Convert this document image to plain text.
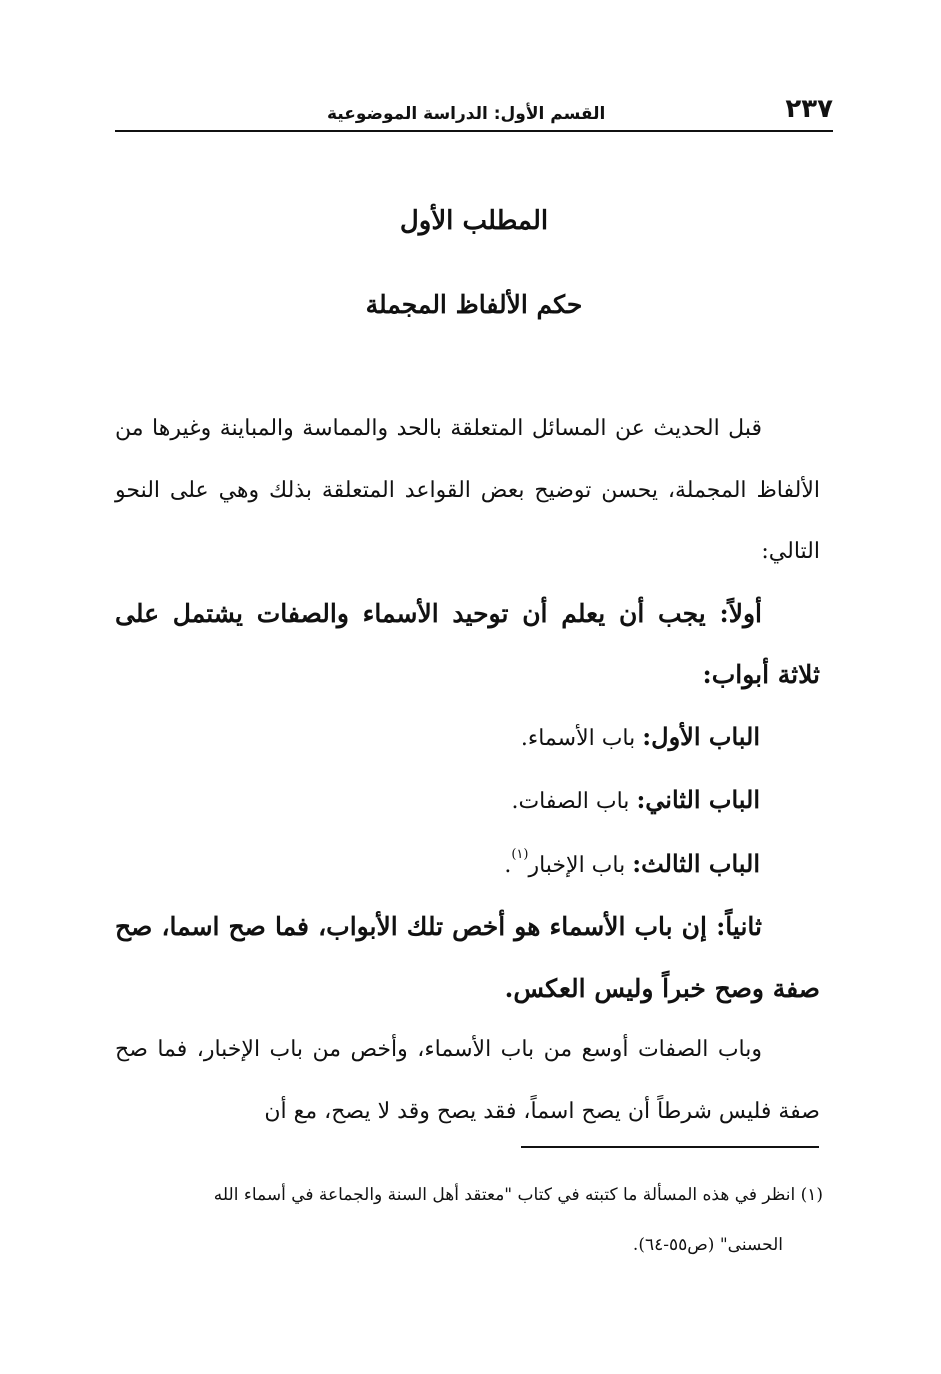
٢٣٧
القسم الأول: الدراسة الموضوعية
المطلب الأول
حكم الألفاظ المجملة

قبل الحديث عن المسائل المتعلقة بالحد والمماسة والمباينة وغيرها من الألفاظ المجملة، يحسن توضيح بعض القواعد المتعلقة بذلك وهي على النحو التالي:

أولاً: يجب أن يعلم أن توحيد الأسماء والصفات يشتمل على ثلاثة أبواب:

الباب الأول: باب الأسماء.

الباب الثاني: باب الصفات.

الباب الثالث: باب الإخبار$^{(١)}$.

ثانياً: إن باب الأسماء هو أخص تلك الأبواب، فما صح اسما، صح صفة وصح خبراً وليس العكس.

وباب الصفات أوسع من باب الأسماء، وأخص من باب الإخبار، فما صح صفة فليس شرطاً أن يصح اسماً، فقد يصح وقد لا يصح، مع أن

(١) انظر في هذه المسألة ما كتبته في كتاب "معتقد أهل السنة والجماعة في أسماء الله

الحسنى" (ص٥٥-٦٤).
